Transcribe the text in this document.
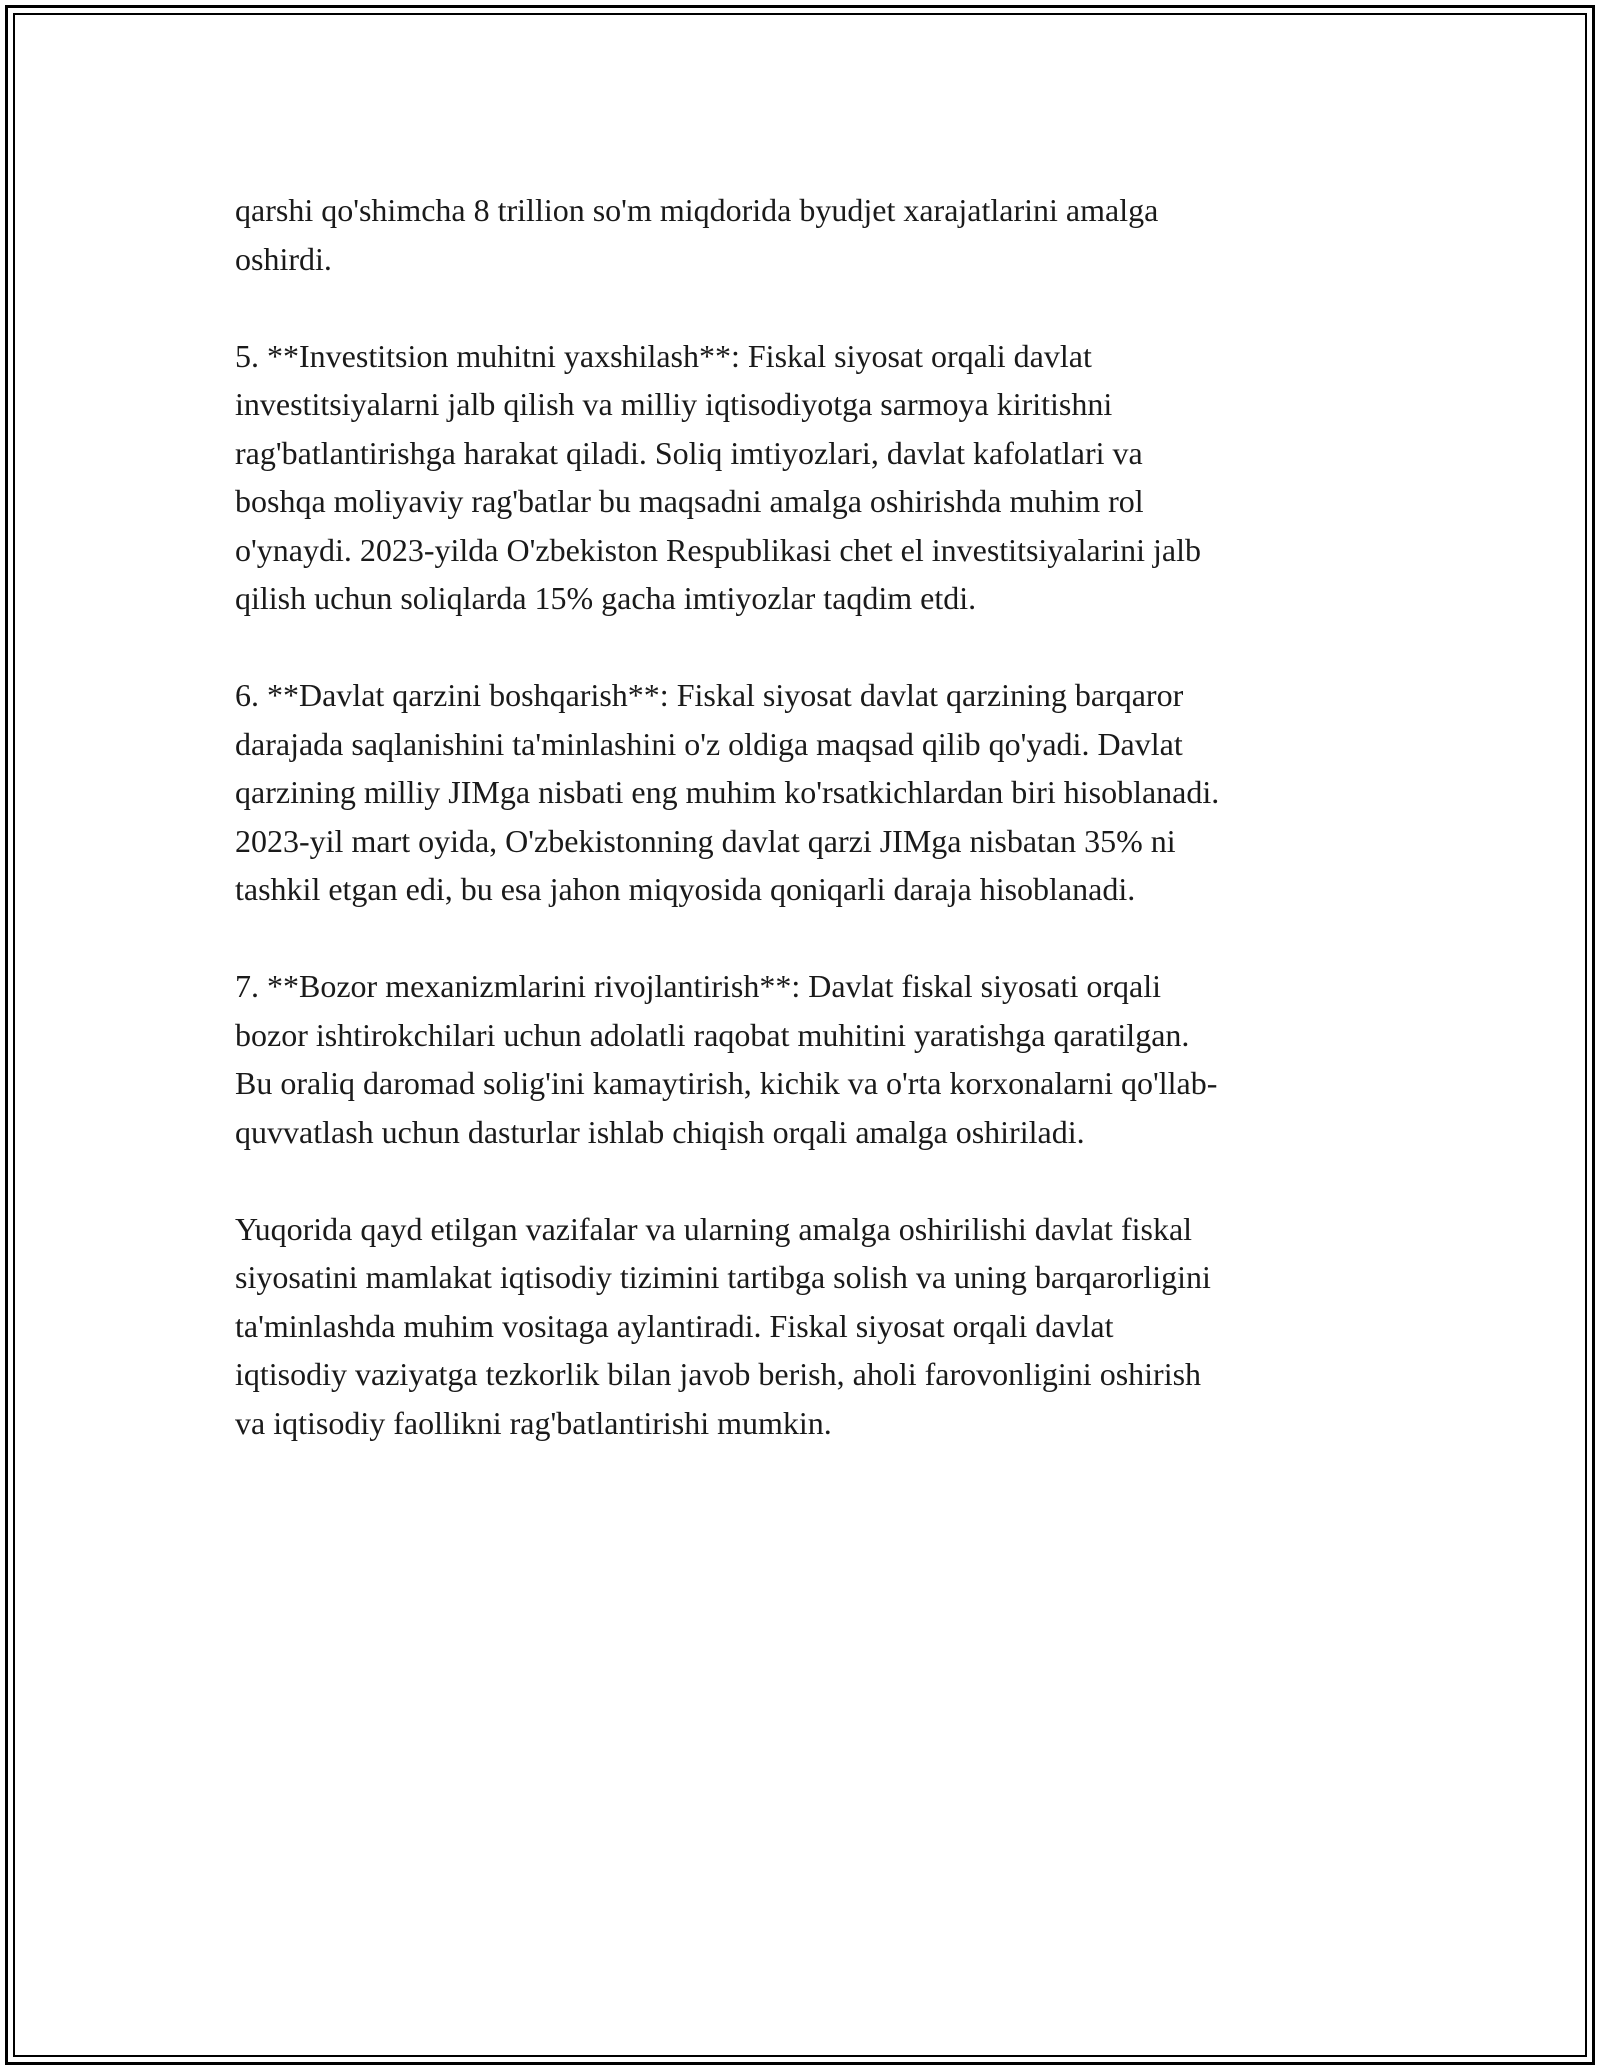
qarshi qo'shimcha 8 trillion so'm miqdorida byudjet xarajatlarini amalga
oshirdi.

5. **Investitsion muhitni yaxshilash**: Fiskal siyosat orqali davlat
investitsiyalarni jalb qilish va milliy iqtisodiyotga sarmoya kiritishni
rag'batlantirishga harakat qiladi. Soliq imtiyozlari, davlat kafolatlari va
boshqa moliyaviy rag'batlar bu maqsadni amalga oshirishda muhim rol
o'ynaydi. 2023-yilda O'zbekiston Respublikasi chet el investitsiyalarini jalb
qilish uchun soliqlarda 15% gacha imtiyozlar taqdim etdi.

6. **Davlat qarzini boshqarish**: Fiskal siyosat davlat qarzining barqaror
darajada saqlanishini ta'minlashini o'z oldiga maqsad qilib qo'yadi. Davlat
qarzining milliy JIMga nisbati eng muhim ko'rsatkichlardan biri hisoblanadi.
2023-yil mart oyida, O'zbekistonning davlat qarzi JIMga nisbatan 35% ni
tashkil etgan edi, bu esa jahon miqyosida qoniqarli daraja hisoblanadi.

7. **Bozor mexanizmlarini rivojlantirish**: Davlat fiskal siyosati orqali
bozor ishtirokchilari uchun adolatli raqobat muhitini yaratishga qaratilgan.
Bu oraliq daromad solig'ini kamaytirish, kichik va o'rta korxonalarni qo'llab-
quvvatlash uchun dasturlar ishlab chiqish orqali amalga oshiriladi.

Yuqorida qayd etilgan vazifalar va ularning amalga oshirilishi davlat fiskal
siyosatini mamlakat iqtisodiy tizimini tartibga solish va uning barqarorligini
ta'minlashda muhim vositaga aylantiradi. Fiskal siyosat orqali davlat
iqtisodiy vaziyatga tezkorlik bilan javob berish, aholi farovonligini oshirish
va iqtisodiy faollikni rag'batlantirishi mumkin.
